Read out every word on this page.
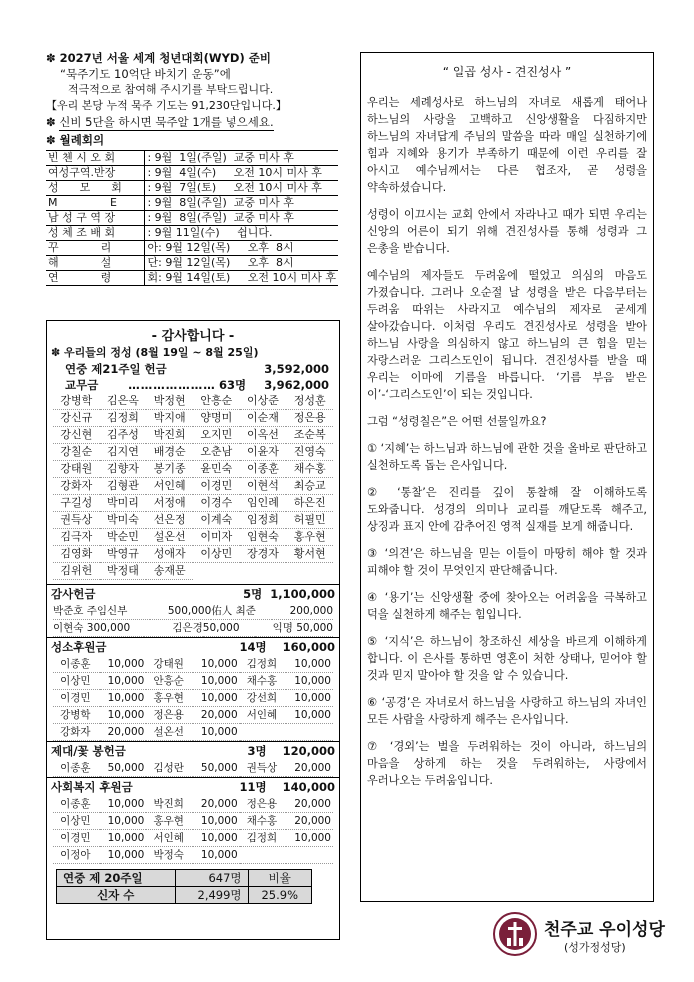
✽ 2027년 서울 세계 청년대회(WYD) 준비
“묵주기도 10억단 바치기 운동”에
적극적으로 참여해 주시기를 부탁드립니다.
【우리 본당 누적 묵주 기도는 91,230단입니다.】
✽ 신비 5단을 하시면 묵주알 1개를 넣으세요.
✽ 월례회의
빈 첸 시 오 회	: 9월  1일(주일)  교중 미사 후
여성구역.반장	: 9월  4일(수)     오전 10시 미사 후
성      모      회	: 9월  7일(토)     오전 10시 미사 후
M               E	: 9월  8일(주일)  교중 미사 후
남 성 구 역 장	: 9월  8일(주일)  교중 미사 후
성 체 조 배 회	: 9월 11일(수)     쉽니다.
꾸            리	아: 9월 12일(목)     오후  8시
해            설	단: 9월 12일(목)     오후  8시
연            령	회: 9월 14일(토)     오전 10시 미사 후
- 감사합니다 -
✽ 우리들의 정성 (8월 19일 ~ 8월 25일)
연중 제21주일 헌금	3,592,000
교무금	………………… 63명	3,962,000
강병학	김은옥	박정현	안흥순	이상준	정성훈
강신규	김정희	박지애	양명미	이순재	정은용
강신현	김주성	박진희	오지민	이옥선	조순복
강칠순	김지연	배경순	오춘남	이윤자	진영숙
강태원	김향자	봉기종	윤민숙	이종훈	채수홍
강화자	김형관	서인혜	이경민	이현석	최승교
구길성	박미리	서정애	이경수	임인례	하은진
권득상	박미숙	선은정	이계숙	임정희	허필민
김극자	박순민	설온선	이미자	임현숙	홍우현
김영화	박영규	성애자	이상민	장경자	황서현
김위헌	박정태	송재문
감사헌금	5명 1,100,000
박준호 주임신부	500,000 佑人 최준	200,000
이현숙 300,000	김은경 50,000	익명 50,000
성소후원금	14명 160,000
이종훈	10,000 강태원	10,000 김정희	10,000
이상민	10,000 안흥순	10,000 채수홍	10,000
이경민	10,000 홍우현	10,000 강선희	10,000
강병학	10,000 정은용	20,000 서인혜	10,000
강화자	20,000 설온선	10,000
제대/꽃 봉헌금	3명 120,000
이종훈	50,000 김성란	50,000 권득상	20,000
사회복지 후원금	11명 140,000
이종훈	10,000 박진희	20,000 정은용	20,000
이상민	10,000 홍우현	10,000 채수홍	20,000
이경민	10,000 서인혜	10,000 김정희	10,000
이정아	10,000 박정숙	10,000
연중 제 20주일	647명	비율
신자 수	2,499명	25.9%
“ 일곱 성사 - 견진성사 ”
우리는 세례성사로 하느님의 자녀로 새롭게 태어나 하느님의 사랑을 고백하고 신앙생활을 다짐하지만 하느님의 자녀답게 주님의 말씀을 따라 매일 실천하기에 힘과 지혜와 용기가 부족하기 때문에 이런 우리를 잘 아시고 예수님께서는 다른 협조자, 곧 성령을 약속하셨습니다.
성령이 이끄시는 교회 안에서 자라나고 때가 되면 우리는 신앙의 어른이 되기 위해 견진성사를 통해 성령과 그 은총을 받습니다.
예수님의 제자들도 두려움에 떨었고 의심의 마음도 가졌습니다. 그러나 오순절 날 성령을 받은 다음부터는 두려움 따위는 사라지고 예수님의 제자로 굳세게 살아갔습니다. 이처럼 우리도 견진성사로 성령을 받아 하느님 사랑을 의심하지 않고 하느님의 큰 힘을 믿는 자랑스러운 그리스도인이 됩니다. 견진성사를 받을 때 우리는 이마에 기름을 바릅니다. ‘기름 부음 받은 이’-‘그리스도인’이 되는 것입니다.
그럼 “성령칠은”은 어떤 선물일까요?
① ‘지혜’는 하느님과 하느님에 관한 것을 올바로 판단하고 실천하도록 돕는 은사입니다.
② ‘통찰’은 진리를 깊이 통찰해 잘 이해하도록 도와줍니다. 성경의 의미나 교리를 깨닫도록 해주고, 상징과 표지 안에 감추어진 영적 실재를 보게 해줍니다.
③ ‘의견’은 하느님을 믿는 이들이 마땅히 해야 할 것과 피해야 할 것이 무엇인지 판단해줍니다.
④ ‘용기’는 신앙생활 중에 찾아오는 어려움을 극복하고 덕을 실천하게 해주는 힘입니다.
⑤ ‘지식’은 하느님이 창조하신 세상을 바르게 이해하게 합니다. 이 은사를 통하면 영혼이 처한 상태나, 믿어야 할 것과 믿지 말아야 할 것을 알 수 있습니다.
⑥ ‘공경’은 자녀로서 하느님을 사랑하고 하느님의 자녀인 모든 사람을 사랑하게 해주는 은사입니다.
⑦ ‘경외’는 벌을 두려워하는 것이 아니라, 하느님의 마음을 상하게 하는 것을 두려워하는, 사랑에서 우러나오는 두려움입니다.
천주교 우이성당
(성가정성당)
